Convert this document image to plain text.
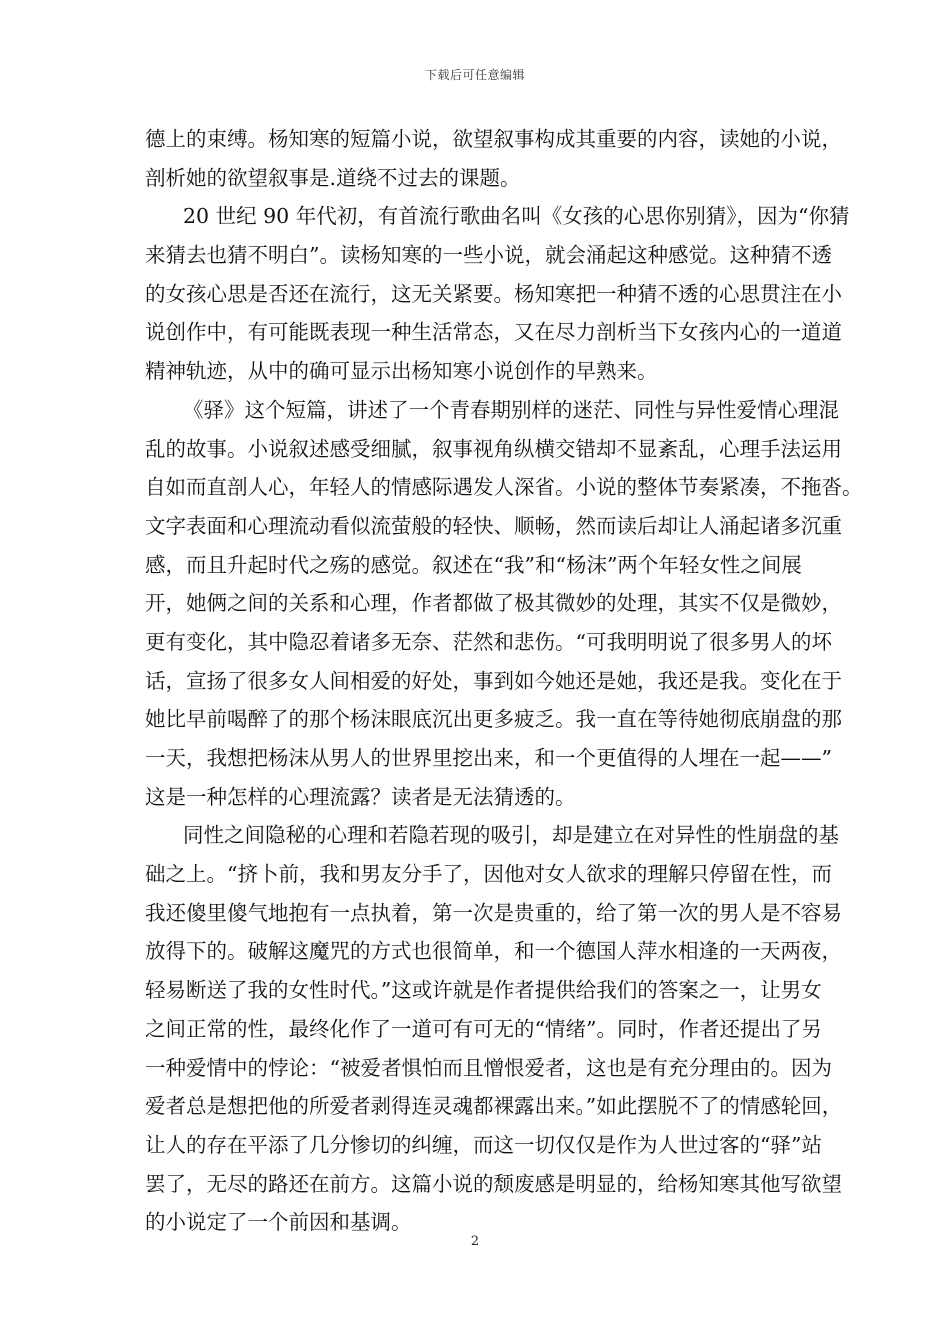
下载后可任意编辑
德上的束缚。杨知寒的短篇小说，欲望叙事构成其重要的内容，读她的小说，
剖析她的欲望叙事是.道绕不过去的课题。
20 世纪 90 年代初，有首流行歌曲名叫《女孩的心思你别猜》，因为“你猜
来猜去也猜不明白”。读杨知寒的一些小说，就会涌起这种感觉。这种猜不透
的女孩心思是否还在流行，这无关紧要。杨知寒把一种猜不透的心思贯注在小
说创作中，有可能既表现一种生活常态，又在尽力剖析当下女孩内心的一道道
精神轨迹，从中的确可显示出杨知寒小说创作的早熟来。
《驿》这个短篇，讲述了一个青春期别样的迷茫、同性与异性爱情心理混
乱的故事。小说叙述感受细腻，叙事视角纵横交错却不显紊乱，心理手法运用
自如而直剖人心，年轻人的情感际遇发人深省。小说的整体节奏紧凑，不拖沓。
文字表面和心理流动看似流萤般的轻快、顺畅，然而读后却让人涌起诸多沉重
感，而且升起时代之殇的感觉。叙述在“我”和“杨沫”两个年轻女性之间展
开，她俩之间的关系和心理，作者都做了极其微妙的处理，其实不仅是微妙，
更有变化，其中隐忍着诸多无奈、茫然和悲伤。“可我明明说了很多男人的坏
话，宣扬了很多女人间相爱的好处，事到如今她还是她，我还是我。变化在于
她比早前喝醉了的那个杨沫眼底沉出更多疲乏。我一直在等待她彻底崩盘的那
一天，我想把杨沫从男人的世界里挖出来，和一个更值得的人埋在一起——”
这是一种怎样的心理流露？读者是无法猜透的。
同性之间隐秘的心理和若隐若现的吸引，却是建立在对异性的性崩盘的基
础之上。“挤卜前，我和男友分手了，因他对女人欲求的理解只停留在性，而
我还傻里傻气地抱有一点执着，第一次是贵重的，给了第一次的男人是不容易
放得下的。破解这魔咒的方式也很简单，和一个德国人萍水相逢的一天两夜，
轻易断送了我的女性时代。”这或许就是作者提供给我们的答案之一，让男女
之间正常的性，最终化作了一道可有可无的“情绪”。同时，作者还提出了另
一种爱情中的悖论：“被爱者惧怕而且憎恨爱者，这也是有充分理由的。因为
爱者总是想把他的所爱者剥得连灵魂都裸露出来。”如此摆脱不了的情感轮回，
让人的存在平添了几分惨切的纠缠，而这一切仅仅是作为人世过客的“驿”站
罢了，无尽的路还在前方。这篇小说的颓废感是明显的，给杨知寒其他写欲望
的小说定了一个前因和基调。
2
